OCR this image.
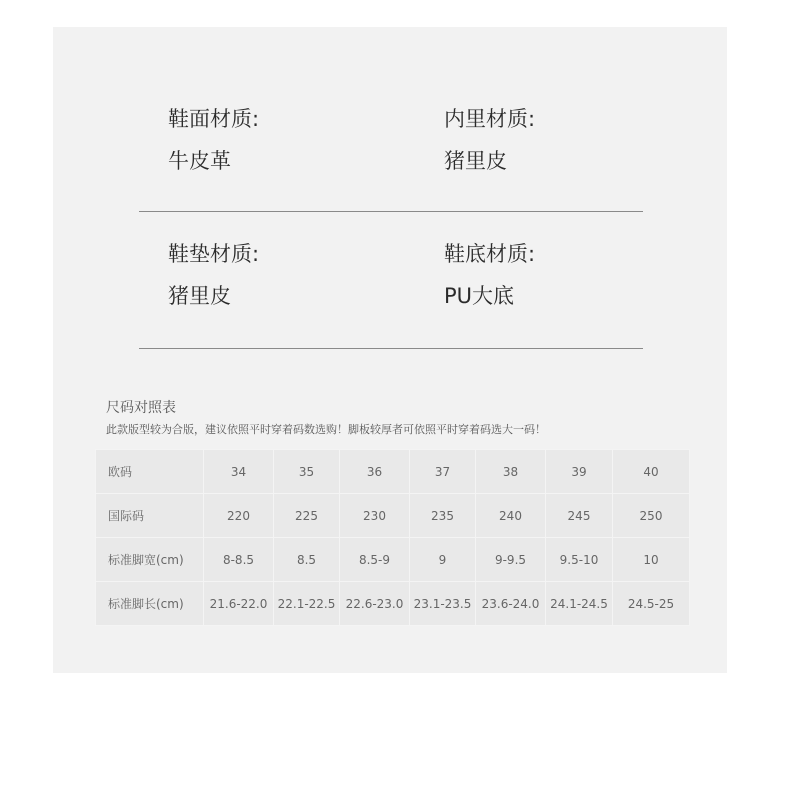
鞋面材质:
牛皮革
内里材质:
猪里皮
鞋垫材质:
猪里皮
鞋底材质:
PU大底
尺码对照表
此款版型较为合版，建议依照平时穿着码数选购！脚板较厚者可依照平时穿着码选大一码！
欧码	34	35	36	37	38	39	40
国际码	220	225	230	235	240	245	250
标准脚宽(cm)	8-8.5	8.5	8.5-9	9	9-9.5	9.5-10	10
标准脚长(cm)	21.6-22.0	22.1-22.5	22.6-23.0	23.1-23.5	23.6-24.0	24.1-24.5	24.5-25
